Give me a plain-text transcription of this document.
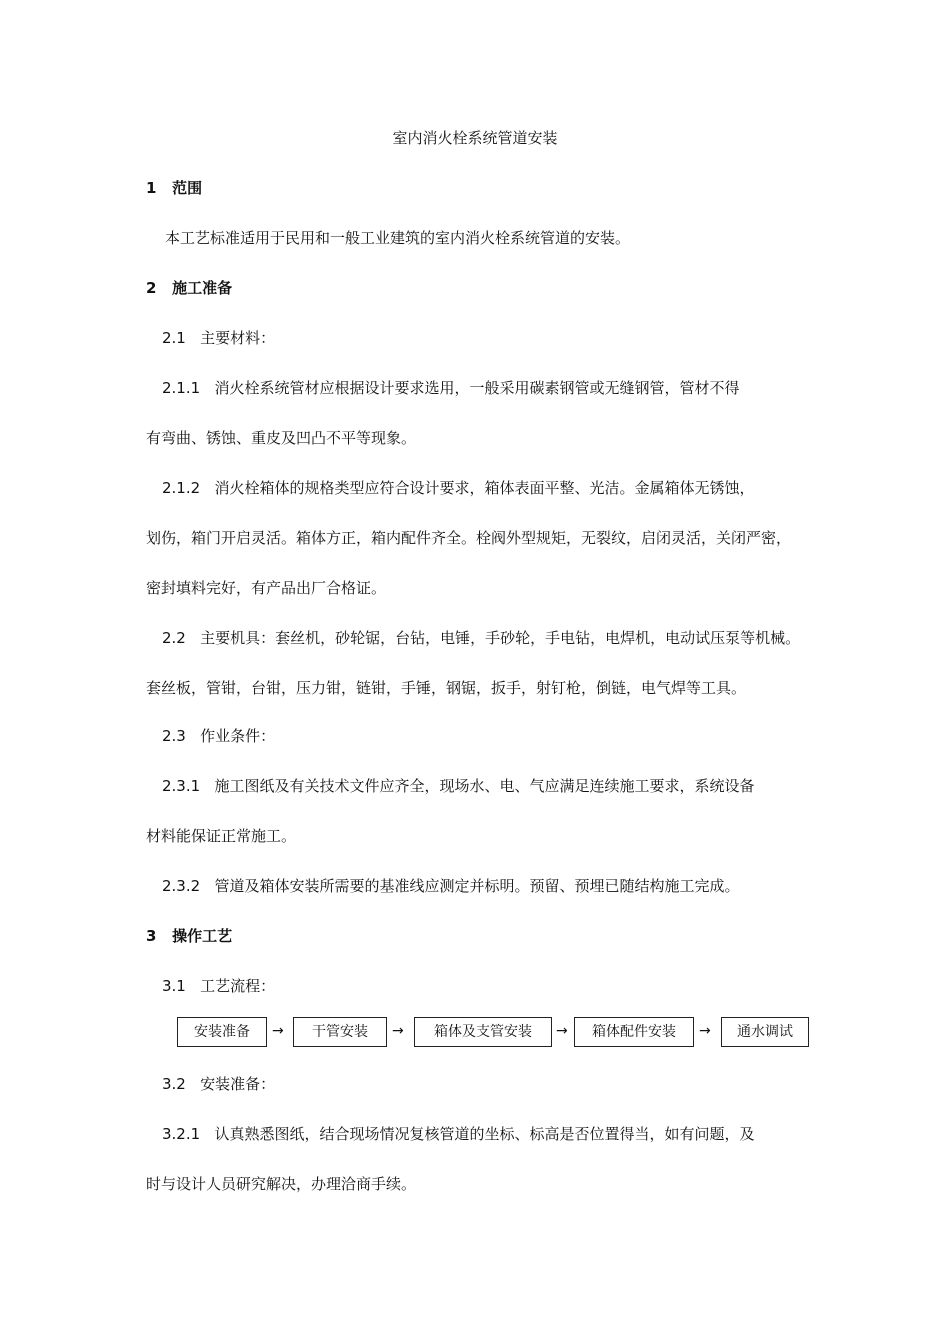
室内消火栓系统管道安装
1   范围
本工艺标准适用于民用和一般工业建筑的室内消火栓系统管道的安装。
2   施工准备
2.1   主要材料：
2.1.1   消火栓系统管材应根据设计要求选用，一般采用碳素钢管或无缝钢管，管材不得
有弯曲、锈蚀、重皮及凹凸不平等现象。
2.1.2   消火栓箱体的规格类型应符合设计要求，箱体表面平整、光洁。金属箱体无锈蚀，
划伤，箱门开启灵活。箱体方正，箱内配件齐全。栓阀外型规矩，无裂纹，启闭灵活，关闭严密，
密封填料完好，有产品出厂合格证。
2.2   主要机具：套丝机，砂轮锯，台钻，电锤，手砂轮，手电钻，电焊机，电动试压泵等机械。
套丝板，管钳，台钳，压力钳，链钳，手锤，钢锯，扳手，射钉枪，倒链，电气焊等工具。
2.3   作业条件：
2.3.1   施工图纸及有关技术文件应齐全，现场水、电、气应满足连续施工要求，系统设备
材料能保证正常施工。
2.3.2   管道及箱体安装所需要的基准线应测定并标明。预留、预埋已随结构施工完成。
3   操作工艺
3.1   工艺流程：
安装准备	→	干管安装	→	箱体及支管安装	→	箱体配件安装	→	通水调试
3.2   安装准备：
3.2.1   认真熟悉图纸，结合现场情况复核管道的坐标、标高是否位置得当，如有问题，及
时与设计人员研究解决，办理洽商手续。
